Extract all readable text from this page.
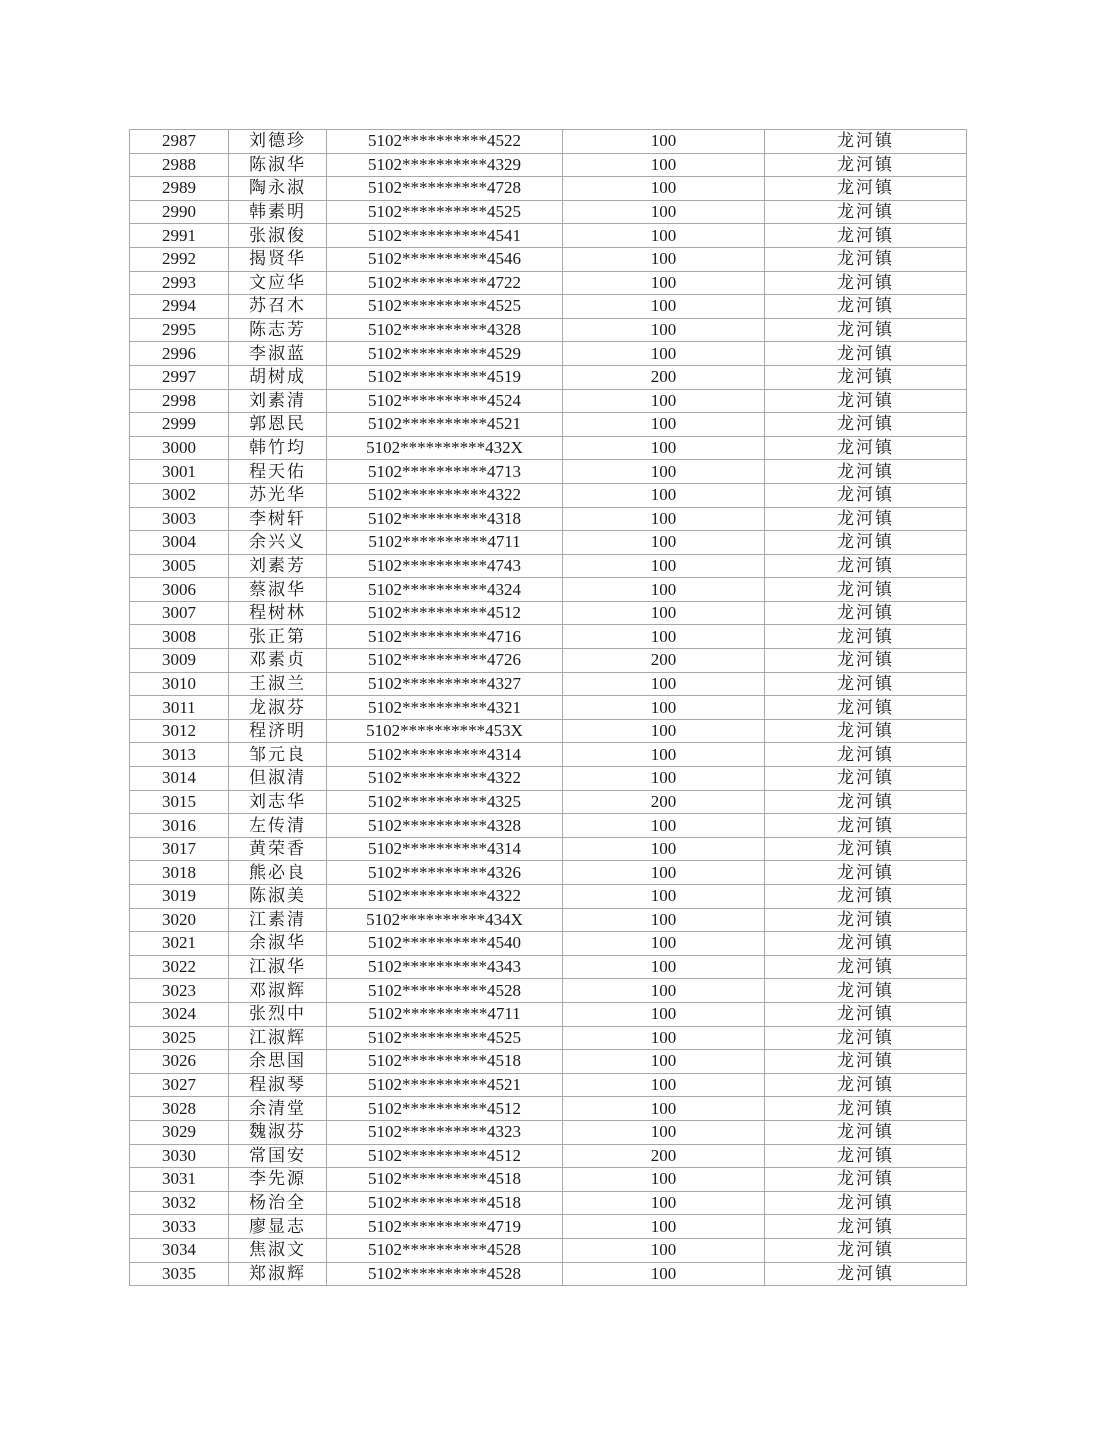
2987	刘德珍	5102**********4522	100	龙河镇
2988	陈淑华	5102**********4329	100	龙河镇
2989	陶永淑	5102**********4728	100	龙河镇
2990	韩素明	5102**********4525	100	龙河镇
2991	张淑俊	5102**********4541	100	龙河镇
2992	揭贤华	5102**********4546	100	龙河镇
2993	文应华	5102**********4722	100	龙河镇
2994	苏召木	5102**********4525	100	龙河镇
2995	陈志芳	5102**********4328	100	龙河镇
2996	李淑蓝	5102**********4529	100	龙河镇
2997	胡树成	5102**********4519	200	龙河镇
2998	刘素清	5102**********4524	100	龙河镇
2999	郭恩民	5102**********4521	100	龙河镇
3000	韩竹均	5102**********432X	100	龙河镇
3001	程天佑	5102**********4713	100	龙河镇
3002	苏光华	5102**********4322	100	龙河镇
3003	李树轩	5102**********4318	100	龙河镇
3004	余兴义	5102**********4711	100	龙河镇
3005	刘素芳	5102**********4743	100	龙河镇
3006	蔡淑华	5102**********4324	100	龙河镇
3007	程树林	5102**********4512	100	龙河镇
3008	张正第	5102**********4716	100	龙河镇
3009	邓素贞	5102**********4726	200	龙河镇
3010	王淑兰	5102**********4327	100	龙河镇
3011	龙淑芬	5102**********4321	100	龙河镇
3012	程济明	5102**********453X	100	龙河镇
3013	邹元良	5102**********4314	100	龙河镇
3014	但淑清	5102**********4322	100	龙河镇
3015	刘志华	5102**********4325	200	龙河镇
3016	左传清	5102**********4328	100	龙河镇
3017	黄荣香	5102**********4314	100	龙河镇
3018	熊必良	5102**********4326	100	龙河镇
3019	陈淑美	5102**********4322	100	龙河镇
3020	江素清	5102**********434X	100	龙河镇
3021	余淑华	5102**********4540	100	龙河镇
3022	江淑华	5102**********4343	100	龙河镇
3023	邓淑辉	5102**********4528	100	龙河镇
3024	张烈中	5102**********4711	100	龙河镇
3025	江淑辉	5102**********4525	100	龙河镇
3026	余思国	5102**********4518	100	龙河镇
3027	程淑琴	5102**********4521	100	龙河镇
3028	余清堂	5102**********4512	100	龙河镇
3029	魏淑芬	5102**********4323	100	龙河镇
3030	常国安	5102**********4512	200	龙河镇
3031	李先源	5102**********4518	100	龙河镇
3032	杨治全	5102**********4518	100	龙河镇
3033	廖显志	5102**********4719	100	龙河镇
3034	焦淑文	5102**********4528	100	龙河镇
3035	郑淑辉	5102**********4528	100	龙河镇
